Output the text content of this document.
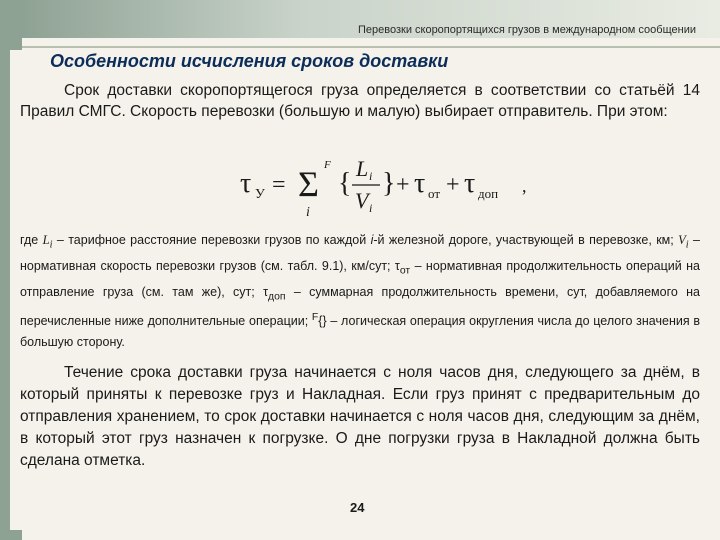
Перевозки скоропортящихся грузов в международном сообщении
Особенности исчисления сроков доставки
Срок доставки скоропортящегося груза определяется в соответствии со статьёй 14 Правил СМГС. Скорость перевозки (большую и малую) выбирает отправитель. При этом:
τ У = Σ F
i
{ L i
V i
} + τ от + τ доп ,
где $L_i$ – тарифное расстояние перевозки грузов по каждой i-й железной дороге, участвующей в перевозке, км; $V_i$ – нормативная скорость перевозки грузов (см. табл. 9.1), км/сут; $\tau_{от}$ – нормативная продолжительность операций на отправление груза (см. там же), сут; $\tau_{доп}$ – суммарная продолжительность времени, сут, добавляемого на перечисленные ниже дополнительные операции; $^F${} – логическая операция округления числа до целого значения в большую сторону.
Течение срока доставки груза начинается с ноля часов дня, следующего за днём, в который приняты к перевозке груз и Накладная. Если груз принят с предварительным до отправления хранением, то срок доставки начинается с ноля часов дня, следующим за днём, в который этот груз назначен к погрузке. О дне погрузки груза в Накладной должна быть сделана отметка.
24
